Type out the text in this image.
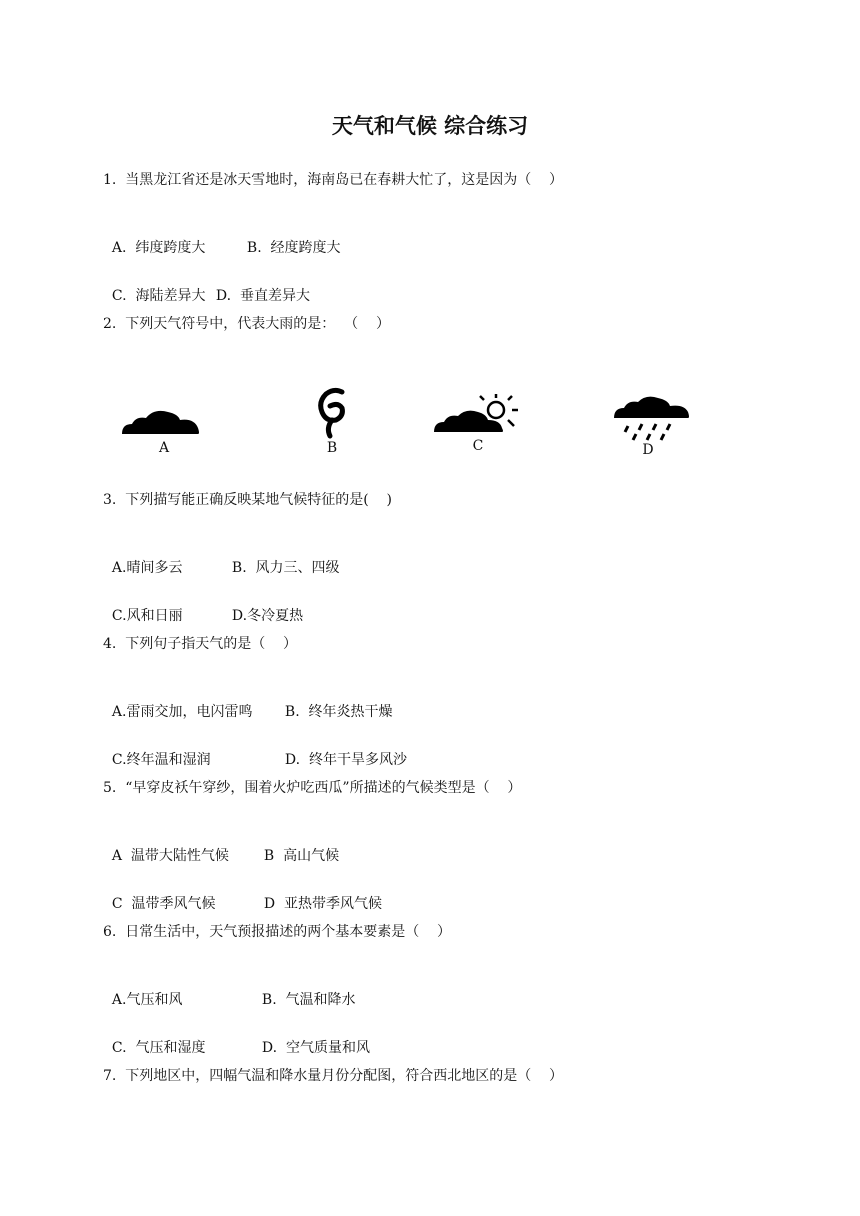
天气和气候 综合练习
1.  当黑龙江省还是冰天雪地时，海南岛已在春耕大忙了，这是因为（    ）

A.  纬度跨度大	B.  经度跨度大

C.  海陆差异大 D.  垂直差异大

2.  下列天气符号中，代表大雨的是：  （    ）
A	B	C	D
3.  下列描写能正确反映某地气候特征的是(    )

A.晴间多云	B.  风力三、四级

C.风和日丽	D.冬冷夏热

4.  下列句子指天气的是（    ）

A.雷雨交加，电闪雷鸣 B.  终年炎热干燥

C.终年温和湿润	D.  终年干旱多风沙

5.  “早穿皮袄午穿纱，围着火炉吃西瓜”所描述的气候类型是（    ）

A  温带大陆性气候 B  高山气候

C  温带季风气候	D  亚热带季风气候

6.  日常生活中，天气预报描述的两个基本要素是（    ）

A.气压和风	B.  气温和降水

C.  气压和湿度	D.  空气质量和风

7.  下列地区中，四幅气温和降水量月份分配图，符合西北地区的是（    ）
